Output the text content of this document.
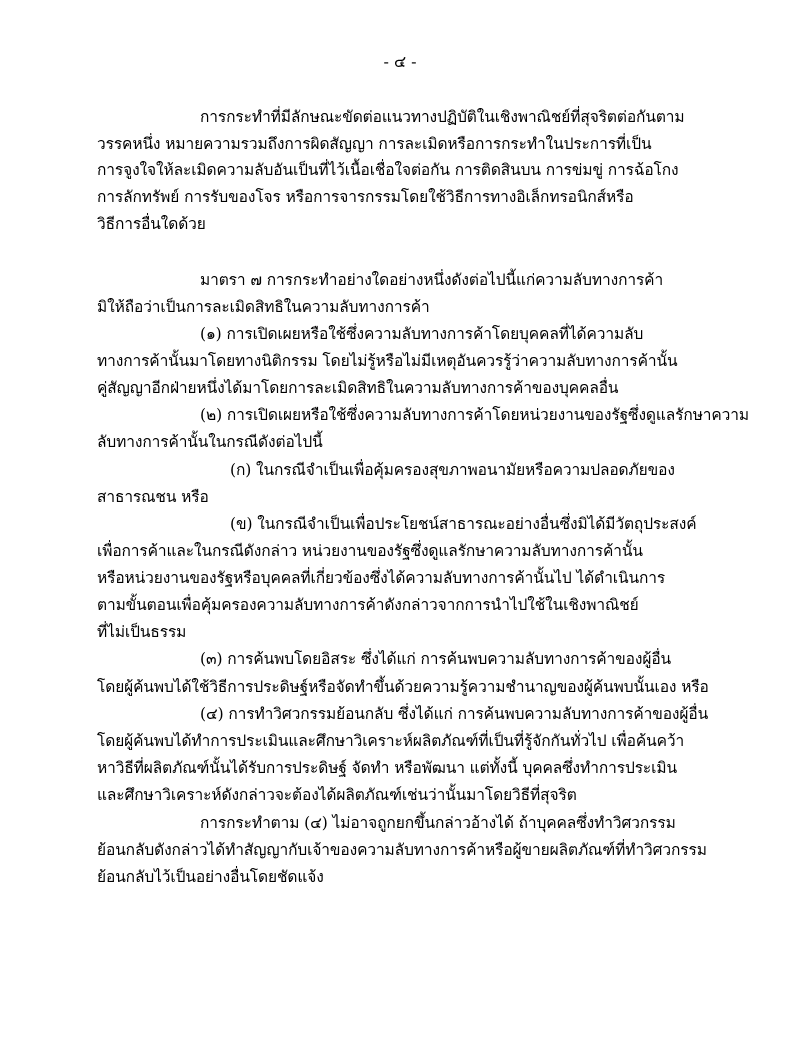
- ๔ -
การกระทำที่มีลักษณะขัดต่อแนวทางปฏิบัติในเชิงพาณิชย์ที่สุจริตต่อกันตาม
วรรคหนึ่ง หมายความรวมถึงการผิดสัญญา การละเมิดหรือการกระทำในประการที่เป็น
การจูงใจให้ละเมิดความลับอันเป็นที่ไว้เนื้อเชื่อใจต่อกัน การติดสินบน การข่มขู่ การฉ้อโกง
การลักทรัพย์ การรับของโจร หรือการจารกรรมโดยใช้วิธีการทางอิเล็กทรอนิกส์หรือ
วิธีการอื่นใดด้วย
มาตรา ๗ การกระทำอย่างใดอย่างหนึ่งดังต่อไปนี้แก่ความลับทางการค้า
มิให้ถือว่าเป็นการละเมิดสิทธิในความลับทางการค้า
(๑) การเปิดเผยหรือใช้ซึ่งความลับทางการค้าโดยบุคคลที่ได้ความลับ
ทางการค้านั้นมาโดยทางนิติกรรม โดยไม่รู้หรือไม่มีเหตุอันควรรู้ว่าความลับทางการค้านั้น
คู่สัญญาอีกฝ่ายหนึ่งได้มาโดยการละเมิดสิทธิในความลับทางการค้าของบุคคลอื่น
(๒) การเปิดเผยหรือใช้ซึ่งความลับทางการค้าโดยหน่วยงานของรัฐซึ่งดูแลรักษาความ
ลับทางการค้านั้นในกรณีดังต่อไปนี้
(ก) ในกรณีจำเป็นเพื่อคุ้มครองสุขภาพอนามัยหรือความปลอดภัยของ
สาธารณชน หรือ
(ข) ในกรณีจำเป็นเพื่อประโยชน์สาธารณะอย่างอื่นซึ่งมิได้มีวัตถุประสงค์
เพื่อการค้าและในกรณีดังกล่าว หน่วยงานของรัฐซึ่งดูแลรักษาความลับทางการค้านั้น
หรือหน่วยงานของรัฐหรือบุคคลที่เกี่ยวข้องซึ่งได้ความลับทางการค้านั้นไป ได้ดำเนินการ
ตามขั้นตอนเพื่อคุ้มครองความลับทางการค้าดังกล่าวจากการนำไปใช้ในเชิงพาณิชย์
ที่ไม่เป็นธรรม
(๓) การค้นพบโดยอิสระ ซึ่งได้แก่ การค้นพบความลับทางการค้าของผู้อื่น
โดยผู้ค้นพบได้ใช้วิธีการประดิษฐ์หรือจัดทำขึ้นด้วยความรู้ความชำนาญของผู้ค้นพบนั้นเอง หรือ
(๔) การทำวิศวกรรมย้อนกลับ ซึ่งได้แก่ การค้นพบความลับทางการค้าของผู้อื่น
โดยผู้ค้นพบได้ทำการประเมินและศึกษาวิเคราะห์ผลิตภัณฑ์ที่เป็นที่รู้จักกันทั่วไป เพื่อค้นคว้า
หาวิธีที่ผลิตภัณฑ์นั้นได้รับการประดิษฐ์ จัดทำ หรือพัฒนา แต่ทั้งนี้ บุคคลซึ่งทำการประเมิน
และศึกษาวิเคราะห์ดังกล่าวจะต้องได้ผลิตภัณฑ์เช่นว่านั้นมาโดยวิธีที่สุจริต
การกระทำตาม (๔) ไม่อาจถูกยกขึ้นกล่าวอ้างได้ ถ้าบุคคลซึ่งทำวิศวกรรม
ย้อนกลับดังกล่าวได้ทำสัญญากับเจ้าของความลับทางการค้าหรือผู้ขายผลิตภัณฑ์ที่ทำวิศวกรรม
ย้อนกลับไว้เป็นอย่างอื่นโดยชัดแจ้ง
